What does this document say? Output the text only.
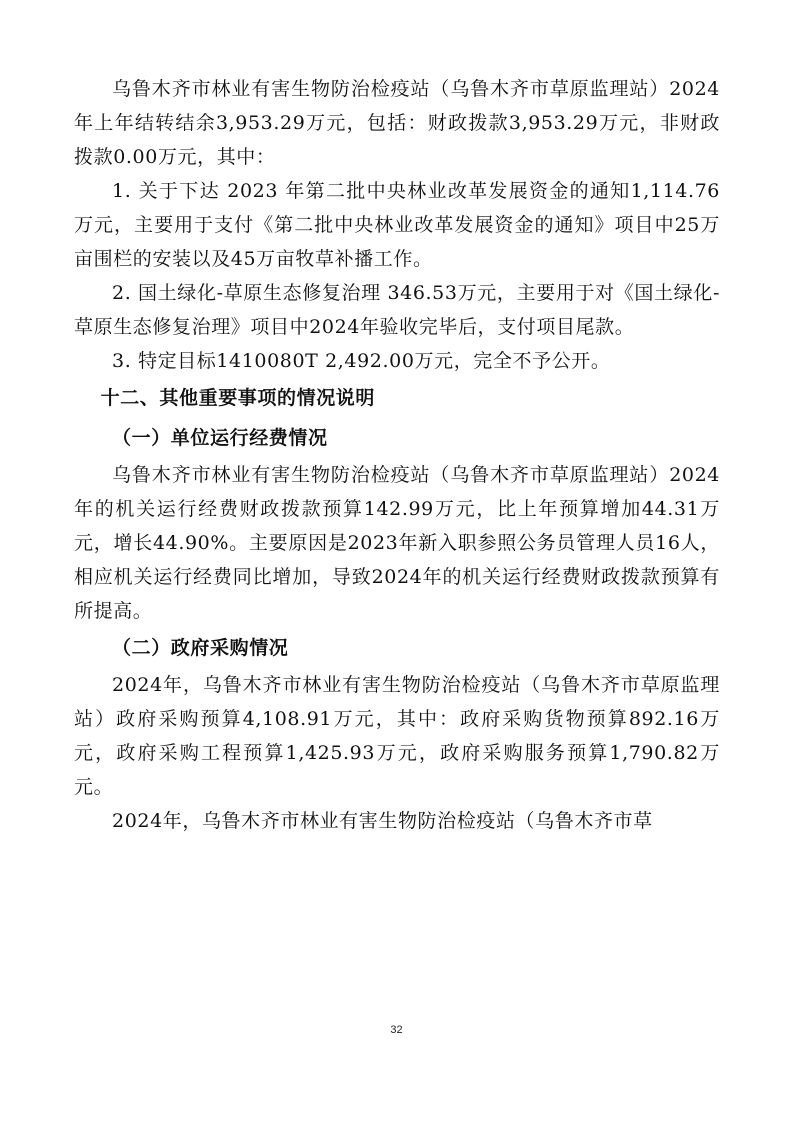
乌鲁木齐市林业有害生物防治检疫站（乌鲁木齐市草原监理站）2024年上年结转结余3,953.29万元，包括：财政拨款3,953.29万元，非财政拨款0.00万元，其中：

1. 关于下达 2023 年第二批中央林业改革发展资金的通知1,114.76万元，主要用于支付《第二批中央林业改革发展资金的通知》项目中25万亩围栏的安装以及45万亩牧草补播工作。

2. 国土绿化-草原生态修复治理 346.53万元，主要用于对《国土绿化-草原生态修复治理》项目中2024年验收完毕后，支付项目尾款。

3. 特定目标1410080T 2,492.00万元，完全不予公开。

十二、其他重要事项的情况说明
（一）单位运行经费情况

乌鲁木齐市林业有害生物防治检疫站（乌鲁木齐市草原监理站）2024年的机关运行经费财政拨款预算142.99万元，比上年预算增加44.31万元，增长44.90%。主要原因是2023年新入职参照公务员管理人员16人，相应机关运行经费同比增加，导致2024年的机关运行经费财政拨款预算有所提高。

（二）政府采购情况

2024年，乌鲁木齐市林业有害生物防治检疫站（乌鲁木齐市草原监理站）政府采购预算4,108.91万元，其中：政府采购货物预算892.16万元，政府采购工程预算1,425.93万元，政府采购服务预算1,790.82万元。

2024年，乌鲁木齐市林业有害生物防治检疫站（乌鲁木齐市草

32
